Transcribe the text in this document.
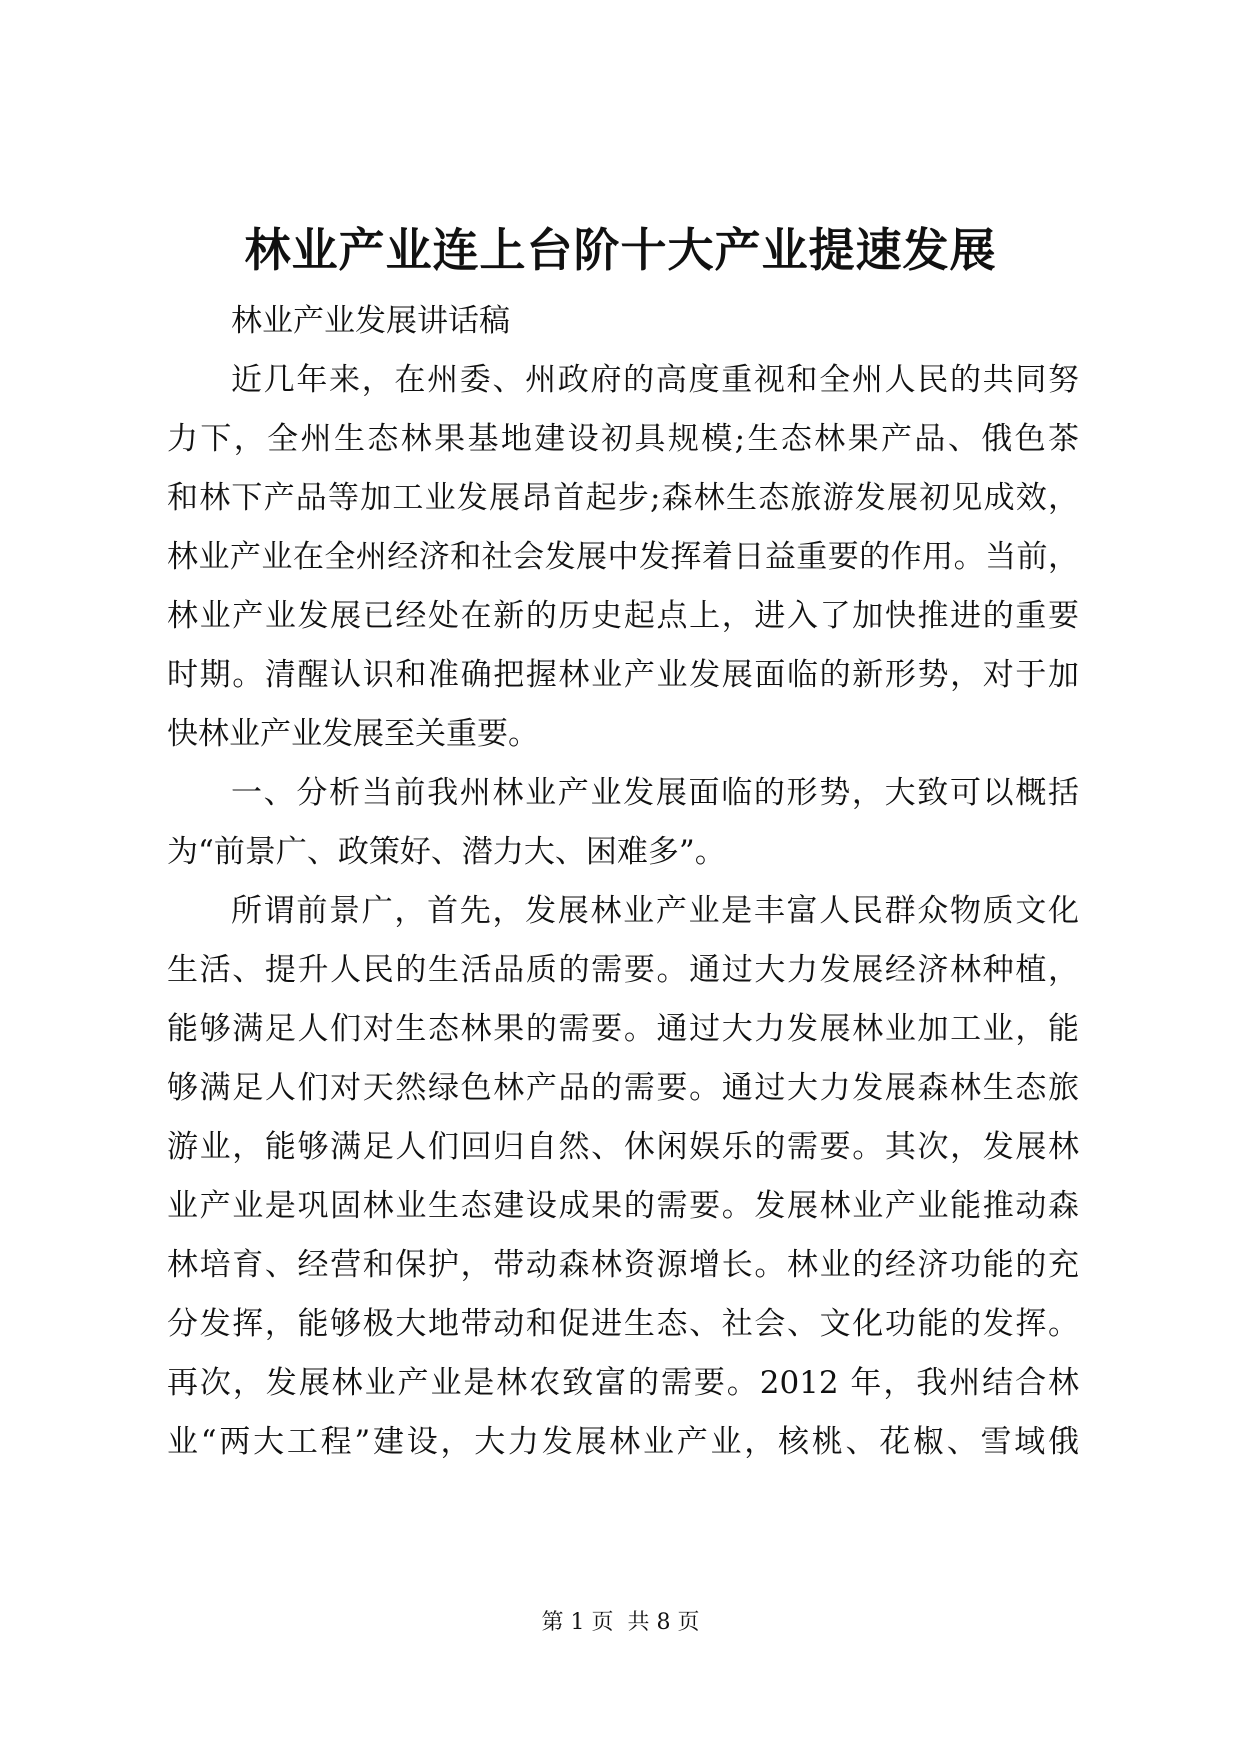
林业产业连上台阶十大产业提速发展
林业产业发展讲话稿
近几年来，在州委、州政府的高度重视和全州人民的共同努
力下，全州生态林果基地建设初具规模;生态林果产品、俄色茶
和林下产品等加工业发展昂首起步;森林生态旅游发展初见成效，
林业产业在全州经济和社会发展中发挥着日益重要的作用。当前，
林业产业发展已经处在新的历史起点上，进入了加快推进的重要
时期。清醒认识和准确把握林业产业发展面临的新形势，对于加
快林业产业发展至关重要。
一、分析当前我州林业产业发展面临的形势，大致可以概括
为“前景广、政策好、潜力大、困难多”。
所谓前景广，首先，发展林业产业是丰富人民群众物质文化
生活、提升人民的生活品质的需要。通过大力发展经济林种植，
能够满足人们对生态林果的需要。通过大力发展林业加工业，能
够满足人们对天然绿色林产品的需要。通过大力发展森林生态旅
游业，能够满足人们回归自然、休闲娱乐的需要。其次，发展林
业产业是巩固林业生态建设成果的需要。发展林业产业能推动森
林培育、经营和保护，带动森林资源增长。林业的经济功能的充
分发挥，能够极大地带动和促进生态、社会、文化功能的发挥。
再次，发展林业产业是林农致富的需要。2012 年，我州结合林
业“两大工程”建设，大力发展林业产业，核桃、花椒、雪域俄
第 1 页 共 8 页
